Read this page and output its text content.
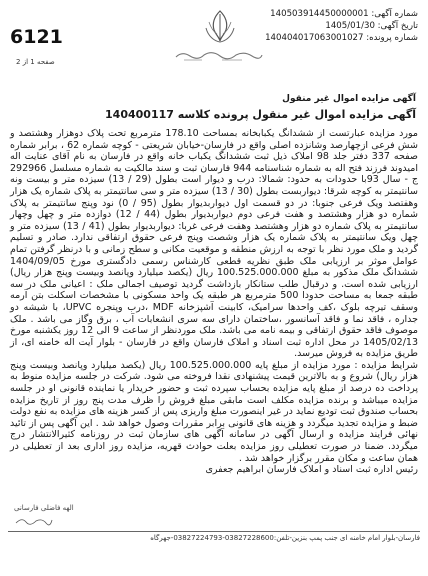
6121
صفحه 1 از 2
شماره آگهی: 140503914450000001
تاریخ آگهی: 1405/01/30
شماره پرونده: 140404017063001027
آگهی مزایده اموال غیر منقول
آگهی مزایده اموال غیر منقول پرونده کلاسه 140400117

مورد مزایده عبارتست از ششدانگ یکبابخانه بمساحت 178.10 مترمربع تحت پلاک دوهزار وهشتصد و شش فرعی ازچهارصد وشانزده اصلی واقع در فارسان-خیابان شریعتی - کوچه شماره 62 ، برابر شماره صفحه 337 دفتر جلد 98 املاک ذیل ثبت ششدانگ یکباب خانه واقع در فارسان به نام آقای عنایت اله امیدوند فرزند فتح اله به شماره شناسنامه 944 فارسان ثبت و سند مالکیت به شماره مسلسل 292966 ج - سال 93با حدودات به حدود: شمالا: درب و دیوار است بطول (29 / 13) سیزده متر و بیست ونه سانتیمتر به کوچه شرقا: دیواربست بطول (30 / 13) سیزده متر و سی سانتیمتر به پلاک شماره یک هزار وهفتصد ویک فرعی جنوبا: در دو قسمت اول دیواربدیوار بطول (95 / 0) نود وپنج سانتیمتر به پلاک شماره دو هزار وهشتصد و هفت فرعی دوم دیواربدیوار بطول (44 / 12) دوازده متر و چهل وچهار سانتیمتر به پلاک شماره دو هزار وهشتصد وهفت فرعی غربا: دیواربدیوار بطول (41 / 13) سیزده متر و چهل ویک سانتیمتر به پلاک شماره یک هزار وشصت وپنج فرعی حقوق ارتفاقی ندارد. صادر و تسلیم گردید و ملک مورد نظر با توجه به ارزش منطقه و موقعیت مکانی و سطح زمانی و با درنظر گرفتن تمام عوامل موثر بر ارزیابی ملک طبق نظریه قطعی کارشناس رسمی دادگستری مورخ 1404/09/05 ششدانگ ملک مذکور به مبلغ 100.525.000.000 ریال (یکصد میلیارد وپانصد وبیست وپنج هزار ریال) ارزیابی شده است. و درقبال طلب ستانکار بازداشت گردید توصیف اجمالی ملک : اعیانی ملک در سه طبقه جمعا به مساحت حدودا 500 مترمربع هر طبقه یک واحد مسکونی با مشخصات اسکلت بتن آرمه وسقف تیرچه بلوک ،کف واحدها سرامیک، کابینت آشپزخانه MDF ،درب وپنجره UPVC، با شیشه دو جداره ، فاقد نما و فاقد آسانسور ،ساختمان دارای سه سری انشعابات آب ، برق وگاز می باشد . ملک موصوف فاقد حقوق ارتفاقی و بیمه نامه می باشد. ملک موردنظر از ساعت 9 الی 12 روز یکشنبه مورخ 1405/02/13 در محل اداره ثبت اسناد و املاک فارسان واقع در فارسان - بلوار آیت اله خامنه ای، از طریق مزایده به فروش میرسد.

شرایط مزایده : مورد مزایده از مبلغ پایه 100.525.000.000 ریال (یکصد میلیارد وپانصد وبیست وپنج هزار ریال) شروع و به بالاترین قیمت پیشنهادی نقدا فروخته می شود. شرکت در جلسه مزایده منوط به پرداخت ده درصد از مبلغ پایه مزایده بحساب سپرده ثبت و حضور خریدار یا نماینده قانونی او در جلسه مزایده میباشد و برنده مزایده مکلف است مابقی مبلغ فروش را ظرف مدت پنج روز از تاریخ مزایده بحساب صندوق ثبت تودیع نماید در غیر اینصورت مبلغ واریزی پس از کسر هزینه های مزایده به نفع دولت ضبط و مزایده تجدید میگردد و هزینه های قانونی برابر مقررات وصول خواهد شد . این آگهی پس از تائید نهائی فرایند مزایده و ارسال آگهی در سامانه آگهی های سازمان ثبت در روزنامه کثیرالانتشار درج میگردد. ضمنا در صورت تعطیلی روز مزایده بعلت حوادث قهریه، مزایده روز اداری بعد از تعطیلی در همان ساعت و مکان مقرر برگزار خواهد شد .

رئیس اداره ثبت اسناد و املاک فارسان ابراهیم جعفری

الهه فاضلی فارسانی
فارسان-بلوار امام خامنه ای جنب پمپ بنزین-تلفن:03827228600-03827224793-جهرگاه
